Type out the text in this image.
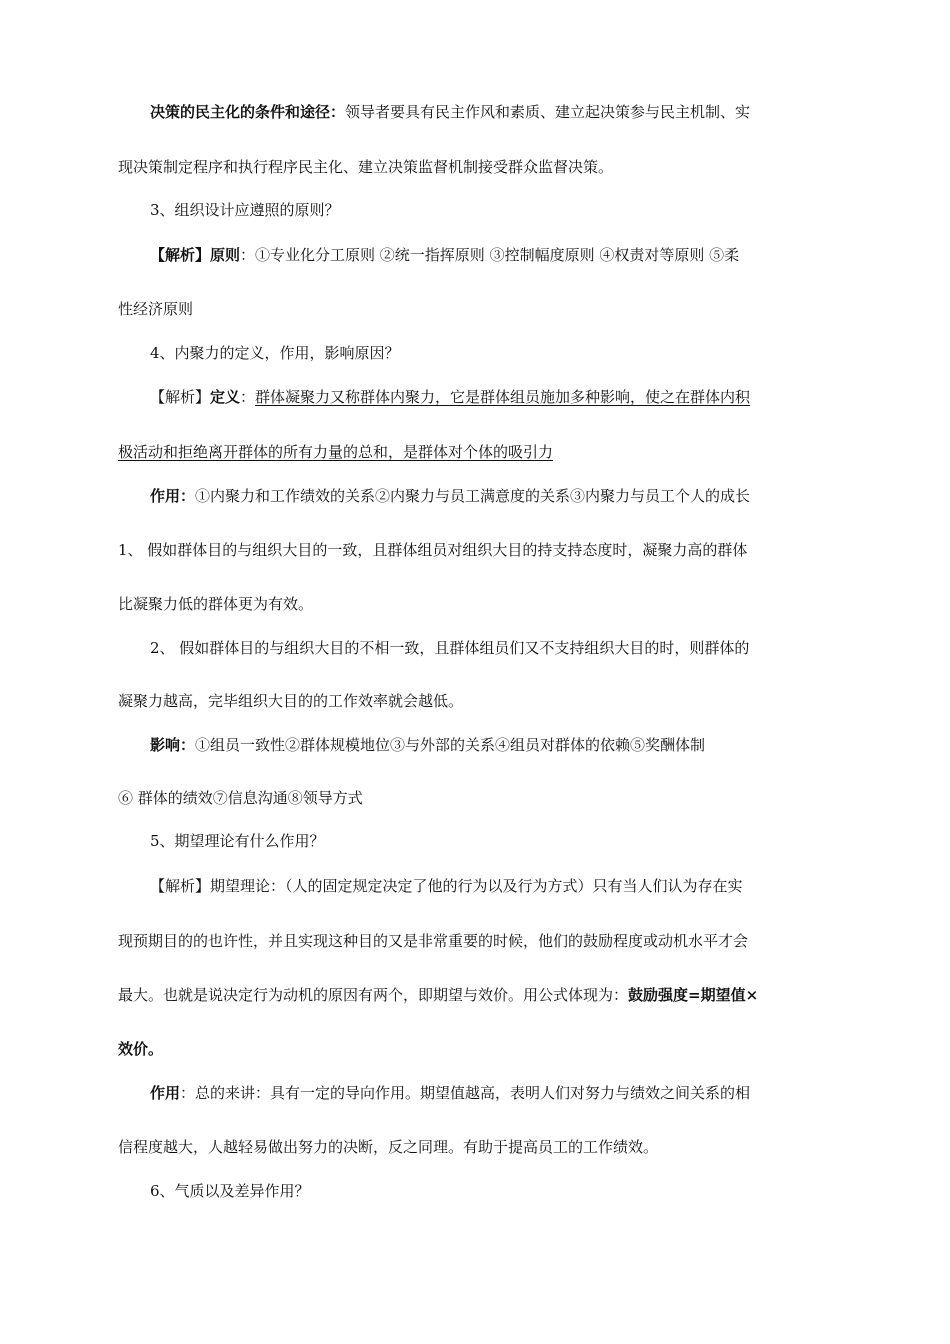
决策的民主化的条件和途径：领导者要具有民主作风和素质、建立起决策参与民主机制、实
现决策制定程序和执行程序民主化、建立决策监督机制接受群众监督决策。
3、组织设计应遵照的原则？
【解析】原则：①专业化分工原则 ②统一指挥原则 ③控制幅度原则 ④权责对等原则 ⑤柔
性经济原则
4、内聚力的定义，作用，影响原因？
【解析】定义：群体凝聚力又称群体内聚力，它是群体组员施加多种影响，使之在群体内积
极活动和拒绝离开群体的所有力量的总和，是群体对个体的吸引力
作用：①内聚力和工作绩效的关系②内聚力与员工满意度的关系③内聚力与员工个人的成长
1、 假如群体目的与组织大目的一致，且群体组员对组织大目的持支持态度时，凝聚力高的群体
比凝聚力低的群体更为有效。
2、 假如群体目的与组织大目的不相一致，且群体组员们又不支持组织大目的时，则群体的
凝聚力越高，完毕组织大目的的工作效率就会越低。
影响：①组员一致性②群体规模地位③与外部的关系④组员对群体的依赖⑤奖酬体制
⑥ 群体的绩效⑦信息沟通⑧领导方式
5、期望理论有什么作用？
【解析】期望理论：（人的固定规定决定了他的行为以及行为方式）只有当人们认为存在实
现预期目的的也许性，并且实现这种目的又是非常重要的时候，他们的鼓励程度或动机水平才会
最大。也就是说决定行为动机的原因有两个，即期望与效价。用公式体现为：鼓励强度=期望值×
效价。
作用：总的来讲：具有一定的导向作用。期望值越高，表明人们对努力与绩效之间关系的相
信程度越大，人越轻易做出努力的决断，反之同理。有助于提高员工的工作绩效。
6、气质以及差异作用？
